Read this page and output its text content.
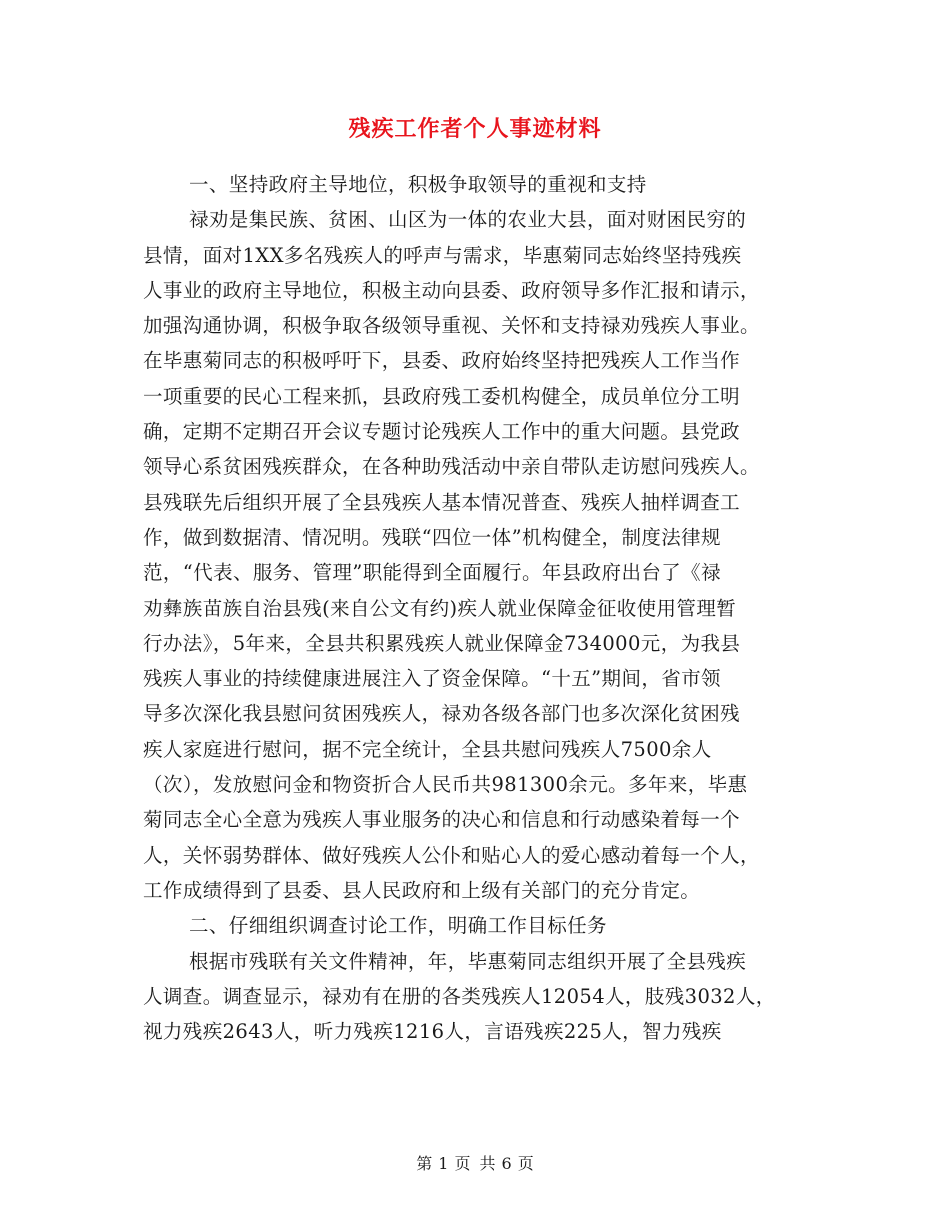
残疾工作者个人事迹材料
一、坚持政府主导地位，积极争取领导的重视和支持
禄劝是集民族、贫困、山区为一体的农业大县，面对财困民穷的
县情，面对1XX多名残疾人的呼声与需求，毕惠菊同志始终坚持残疾
人事业的政府主导地位，积极主动向县委、政府领导多作汇报和请示，
加强沟通协调，积极争取各级领导重视、关怀和支持禄劝残疾人事业。
在毕惠菊同志的积极呼吁下，县委、政府始终坚持把残疾人工作当作
一项重要的民心工程来抓，县政府残工委机构健全，成员单位分工明
确，定期不定期召开会议专题讨论残疾人工作中的重大问题。县党政
领导心系贫困残疾群众，在各种助残活动中亲自带队走访慰问残疾人。
县残联先后组织开展了全县残疾人基本情况普查、残疾人抽样调查工
作，做到数据清、情况明。残联“四位一体”机构健全，制度法律规
范，“代表、服务、管理”职能得到全面履行。年县政府出台了《禄
劝彝族苗族自治县残(来自公文有约)疾人就业保障金征收使用管理暂
行办法》，5年来，全县共积累残疾人就业保障金734000元，为我县
残疾人事业的持续健康进展注入了资金保障。“十五”期间，省市领
导多次深化我县慰问贫困残疾人，禄劝各级各部门也多次深化贫困残
疾人家庭进行慰问，据不完全统计，全县共慰问残疾人7500余人
（次），发放慰问金和物资折合人民币共981300余元。多年来，毕惠
菊同志全心全意为残疾人事业服务的决心和信息和行动感染着每一个
人，关怀弱势群体、做好残疾人公仆和贴心人的爱心感动着每一个人，
工作成绩得到了县委、县人民政府和上级有关部门的充分肯定。
二、仔细组织调查讨论工作，明确工作目标任务
根据市残联有关文件精神，年，毕惠菊同志组织开展了全县残疾
人调查。调查显示，禄劝有在册的各类残疾人12054人，肢残3032人，
视力残疾2643人，听力残疾1216人，言语残疾225人，智力残疾
第 1 页 共 6 页
